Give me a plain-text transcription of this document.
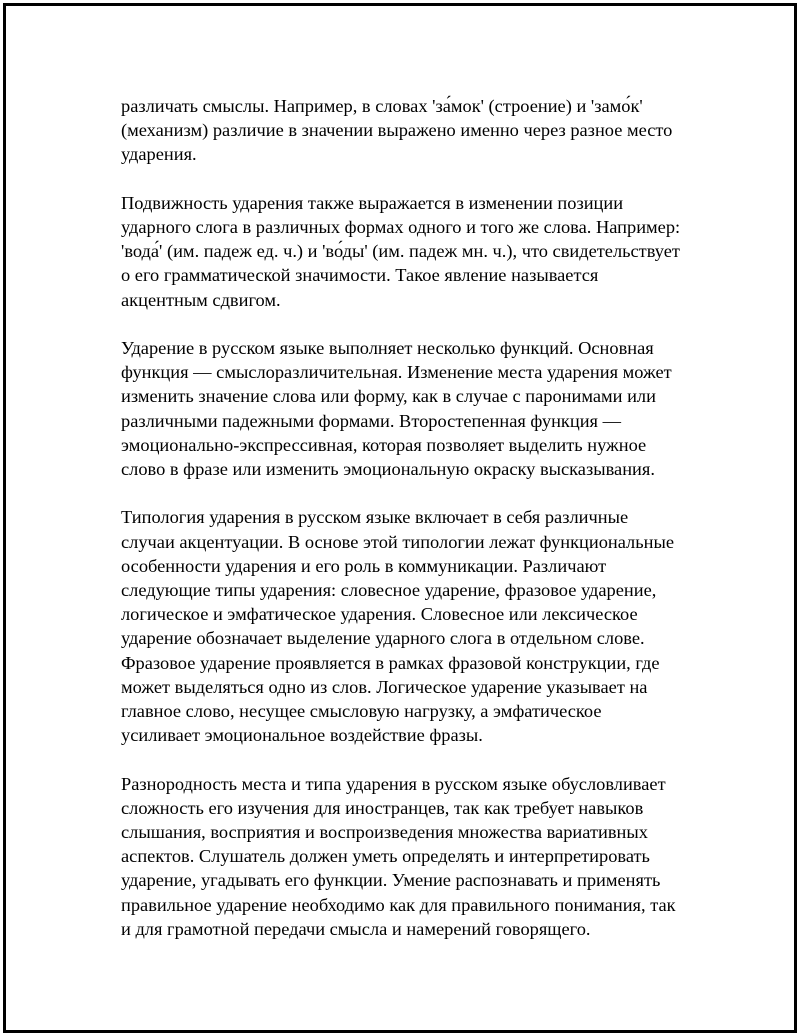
различать смыслы. Например, в словах 'за́мок' (строение) и 'замо́к'
(механизм) различие в значении выражено именно через разное место
ударения.

Подвижность ударения также выражается в изменении позиции
ударного слога в различных формах одного и того же слова. Например:
'вода́' (им. падеж ед. ч.) и 'во́ды' (им. падеж мн. ч.), что свидетельствует
о его грамматической значимости. Такое явление называется
акцентным сдвигом.

Ударение в русском языке выполняет несколько функций. Основная
функция — смыслоразличительная. Изменение места ударения может
изменить значение слова или форму, как в случае с паронимами или
различными падежными формами. Второстепенная функция —
эмоционально-экспрессивная, которая позволяет выделить нужное
слово в фразе или изменить эмоциональную окраску высказывания.

Типология ударения в русском языке включает в себя различные
случаи акцентуации. В основе этой типологии лежат функциональные
особенности ударения и его роль в коммуникации. Различают
следующие типы ударения: словесное ударение, фразовое ударение,
логическое и эмфатическое ударения. Словесное или лексическое
ударение обозначает выделение ударного слога в отдельном слове.
Фразовое ударение проявляется в рамках фразовой конструкции, где
может выделяться одно из слов. Логическое ударение указывает на
главное слово, несущее смысловую нагрузку, а эмфатическое
усиливает эмоциональное воздействие фразы.

Разнородность места и типа ударения в русском языке обусловливает
сложность его изучения для иностранцев, так как требует навыков
слышания, восприятия и воспроизведения множества вариативных
аспектов. Слушатель должен уметь определять и интерпретировать
ударение, угадывать его функции. Умение распознавать и применять
правильное ударение необходимо как для правильного понимания, так
и для грамотной передачи смысла и намерений говорящего.
